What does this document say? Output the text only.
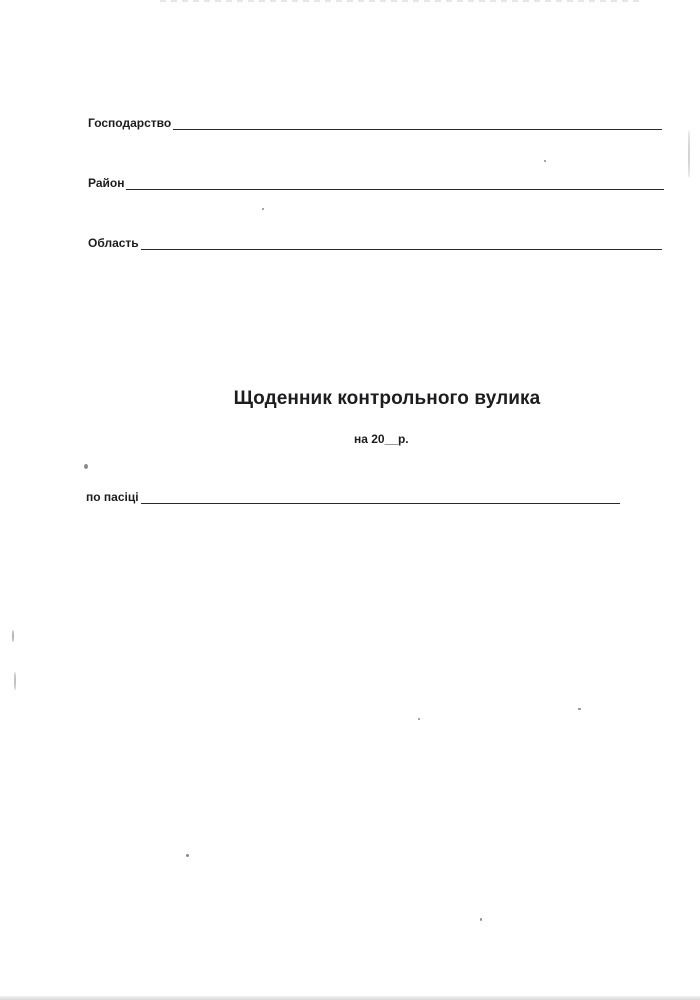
Господарство
Район
Область
Щоденник контрольного вулика
на 20__р.
по пасіці
